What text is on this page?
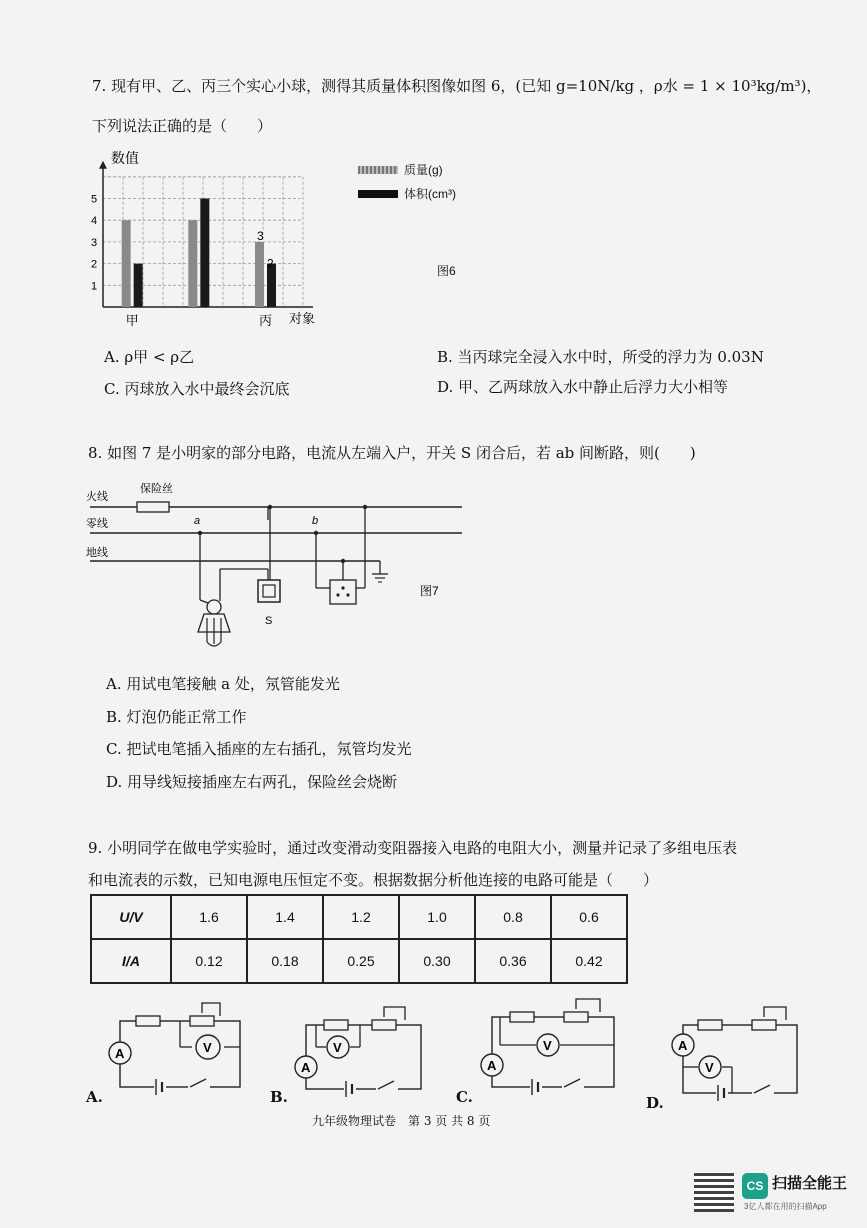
7. 现有甲、乙、丙三个实心小球，测得其质量体积图像如图 6，(已知 g=10N/kg ，ρ水 = 1 × 10³kg/m³)，
下列说法正确的是（　　）
1
2
3
4
5
甲	丙
3
2
数值
对象
质量(g)
体积(cm³)
图6
A. ρ甲 < ρ乙	B. 当丙球完全浸入水中时，所受的浮力为 0.03N
C. 丙球放入水中最终会沉底	D. 甲、乙两球放入水中静止后浮力大小相等
8. 如图 7 是小明家的部分电路，电流从左端入户，开关 S 闭合后，若 ab 间断路，则(　　)
保险丝
火线
零线
地线
a
S
b
图7
A. 用试电笔接触 a 处，氖管能发光
B. 灯泡仍能正常工作
C. 把试电笔插入插座的左右插孔，氖管均发光
D. 用导线短接插座左右两孔，保险丝会烧断
9. 小明同学在做电学实验时，通过改变滑动变阻器接入电路的电阻大小，测量并记录了多组电压表
和电流表的示数，已知电源电压恒定不变。根据数据分析他连接的电路可能是（　　）
U/V	1.6	1.4	1.2	1.0	0.8	0.6
I/A	0.12	0.18	0.25	0.30	0.36	0.42
V
A	V
A
V
A
A
V
A.	B.	C.	D.
九年级物理试卷　第 3 页 共 8 页
CS 扫描全能王
3亿人都在用的扫描App
